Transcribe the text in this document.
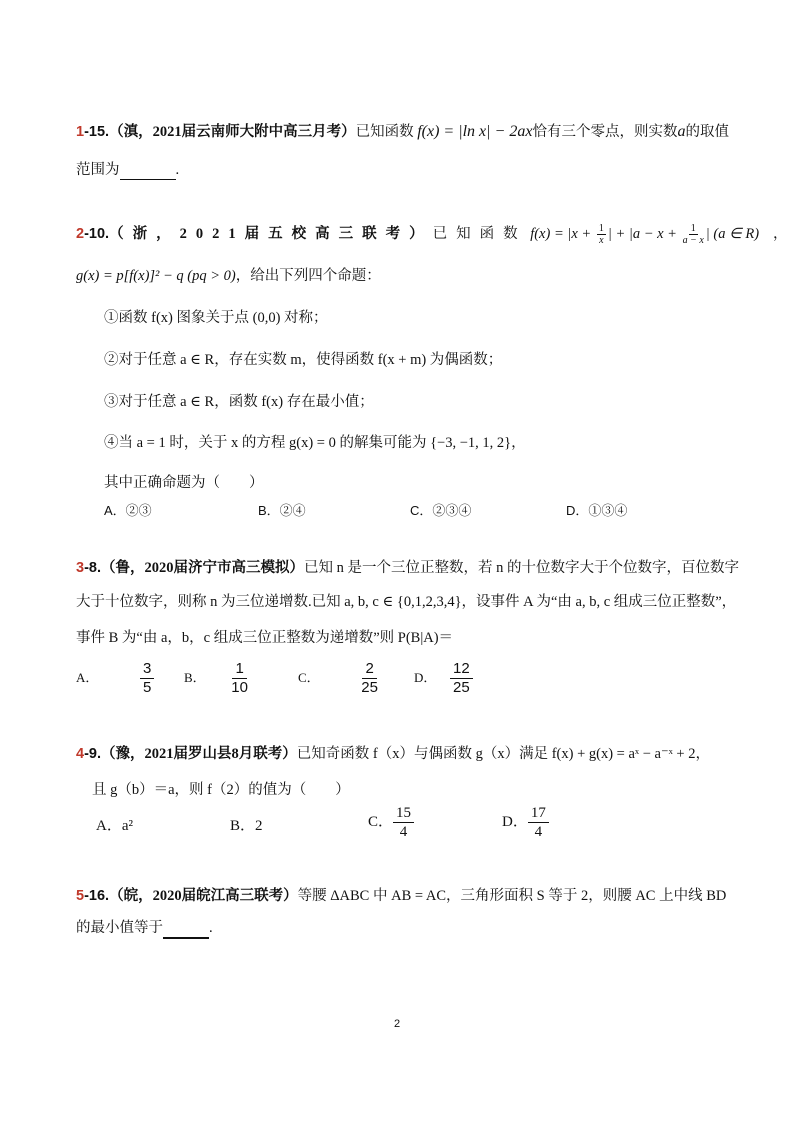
1-15.（滇，2021届云南师大附中高三月考）已知函数 f(x) = |ln x| − 2ax恰有三个零点，则实数a的取值
范围为	.
2-10.（浙，2021届五校高三联考）已知函数 $f(x) = |x + \frac{1}{x}$ | + $|a - x + \frac{1}{a - x}$ | (a ∈ R) ，
g(x) = p[f(x)]² − q (pq > 0)，给出下列四个命题：
①函数 f(x) 图象关于点 (0,0) 对称；
②对于任意 a ∈ R，存在实数 m，使得函数 f(x + m) 为偶函数；
③对于任意 a ∈ R，函数 f(x) 存在最小值；
④当 a = 1 时，关于 x 的方程 g(x) = 0 的解集可能为 {−3, −1, 1, 2}，
其中正确命题为（　　）
A．②③	B．②④	C．②③④	D．①③④
3-8.（鲁，2020届济宁市高三模拟）已知 n 是一个三位正整数，若 n 的十位数字大于个位数字，百位数字
大于十位数字，则称 n 为三位递增数.已知 a, b, c ∈ {0,1,2,3,4}，设事件 A 为“由 a, b, c 组成三位正整数”，
事件 B 为“由 a，b，c 组成三位正整数为递增数”则 P(B|A)＝
A．	$\frac{3}{5}$ B． $\frac{1}{10}$	C．	$\frac{2}{25}$	D． $\frac{12}{25}$
4-9.（豫，2021届罗山县8月联考）已知奇函数 f（x）与偶函数 g（x）满足 f(x) + g(x) = aˣ − a⁻ˣ + 2，
且 g（b）＝a，则 f（2）的值为（　　）
A．a²	B．2	C． $\frac{15}{4}$	D． $\frac{17}{4}$
5-16.（皖，2020届皖江高三联考）等腰 ΔABC 中 AB = AC，三角形面积 S 等于 2，则腰 AC 上中线 BD
的最小值等于	.
2
